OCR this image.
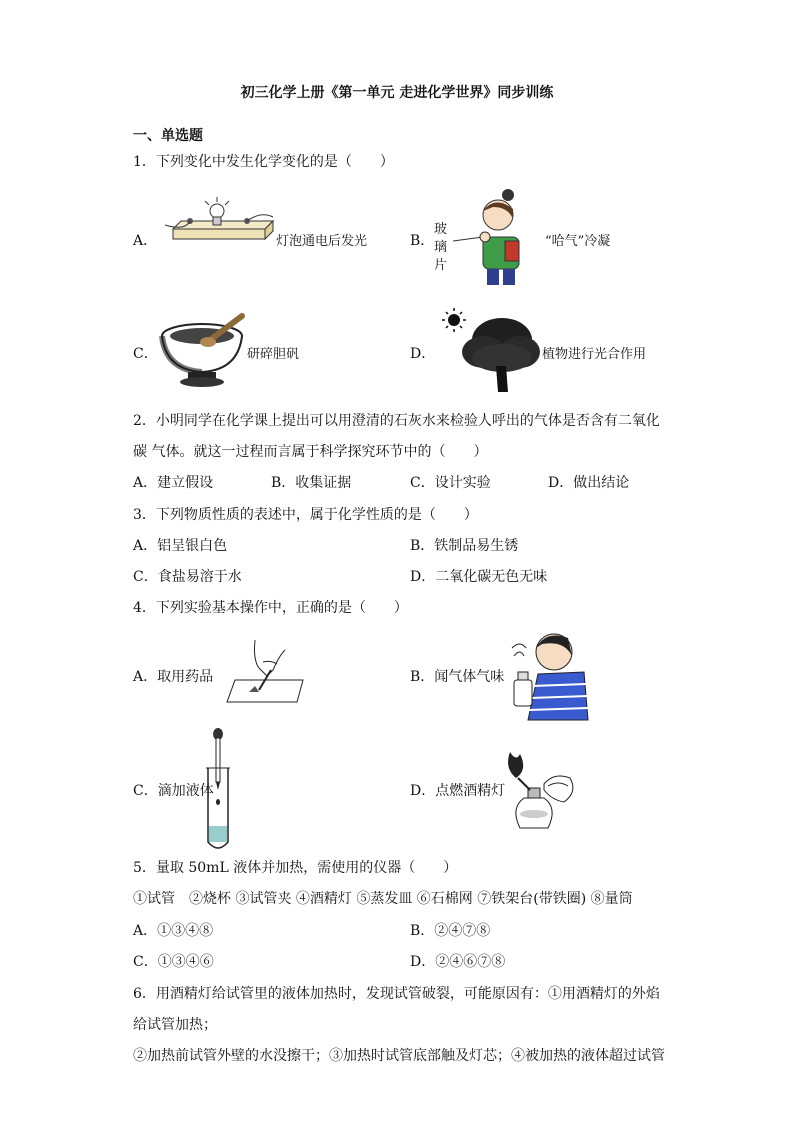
初三化学上册《第一单元 走进化学世界》同步训练
一、单选题
1．下列变化中发生化学变化的是（　　）
A．	灯泡通电后发光	B．
玻
璃
片
“哈气”冷凝
C．	研碎胆矾	D．	植物进行光合作用
2．小明同学在化学课上提出可以用澄清的石灰水来检验人呼出的气体是否含有二氧化
碳 气体。就这一过程而言属于科学探究环节中的（　　）
A．建立假设	B．收集证据	C．设计实验	D．做出结论
3．下列物质性质的表述中，属于化学性质的是（　　）
A．铝呈银白色	B．铁制品易生锈
C．食盐易溶于水	D．二氧化碳无色无味
4．下列实验基本操作中，正确的是（　　）
A．取用药品	B．闻气体气味
C．滴加液体	D．点燃酒精灯
5．量取 50mL 液体并加热，需使用的仪器（　　）
①试管　②烧杯 ③试管夹 ④酒精灯 ⑤蒸发皿 ⑥石棉网 ⑦铁架台(带铁圈) ⑧量筒
A．①③④⑧	B．②④⑦⑧
C．①③④⑥	D．②④⑥⑦⑧
6．用酒精灯给试管里的液体加热时，发现试管破裂，可能原因有：①用酒精灯的外焰
给试管加热；
②加热前试管外壁的水没擦干；③加热时试管底部触及灯芯；④被加热的液体超过试管
